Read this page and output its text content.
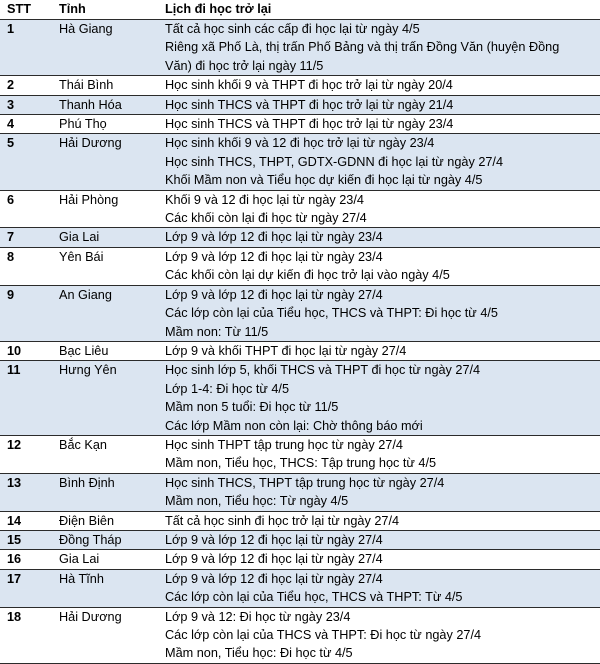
STT	Tỉnh	Lịch đi học trở lại
1	Hà Giang	Tất cả học sinh các cấp đi học lại từ ngày 4/5
Riêng xã Phố Là, thị trấn Phố Bảng và thị trấn Đồng Văn (huyện Đồng
Văn) đi học trở lại ngày 11/5

2	Thái Bình	Học sinh khối 9 và THPT đi học trở lại từ ngày 20/4

3	Thanh Hóa	Học sinh THCS và THPT đi học trở lại từ ngày 21/4

4	Phú Thọ	Học sinh THCS và THPT đi học trở lại từ ngày 23/4

5	Hải Dương	Học sinh khối 9 và 12 đi học trở lại từ ngày 23/4
Học sinh THCS, THPT, GDTX-GDNN đi học lại từ ngày 27/4
Khối Mầm non và Tiểu học dự kiến đi học lại từ ngày 4/5

6	Hải Phòng	Khối 9 và 12 đi học lại từ ngày 23/4
Các khối còn lại đi học từ ngày 27/4

7	Gia Lai	Lớp 9 và lớp 12 đi học lại từ ngày 23/4

8	Yên Bái	Lớp 9 và lớp 12 đi học lại từ ngày 23/4
Các khối còn lại dự kiến đi học trở lại vào ngày 4/5

9	An Giang	Lớp 9 và lớp 12 đi học lại từ ngày 27/4
Các lớp còn lại của Tiểu học, THCS và THPT: Đi học từ 4/5
Mầm non: Từ 11/5

10	Bạc Liêu	Lớp 9 và khối THPT đi học lại từ ngày 27/4

11	Hưng Yên	Học sinh lớp 5, khối THCS và THPT đi học từ ngày 27/4
Lớp 1-4: Đi học từ 4/5
Mầm non 5 tuổi: Đi học từ 11/5
Các lớp Mầm non còn lại: Chờ thông báo mới

12	Bắc Kạn	Học sinh THPT tập trung học từ ngày 27/4
Mầm non, Tiểu học, THCS: Tập trung học từ 4/5

13	Bình Định	Học sinh THCS, THPT tập trung học từ ngày 27/4
Mầm non, Tiểu học: Từ ngày 4/5

14	Điện Biên	Tất cả học sinh đi học trở lại từ ngày 27/4

15	Đồng Tháp	Lớp 9 và lớp 12 đi học lại từ ngày 27/4

16	Gia Lai	Lớp 9 và lớp 12 đi học lại từ ngày 27/4

17	Hà Tĩnh	Lớp 9 và lớp 12 đi học lại từ ngày 27/4
Các lớp còn lại của Tiểu học, THCS và THPT: Từ 4/5

18	Hải Dương	Lớp 9 và 12: Đi học từ ngày 23/4
Các lớp còn lại của THCS và THPT: Đi học từ ngày 27/4
Mầm non, Tiểu học: Đi học từ 4/5
